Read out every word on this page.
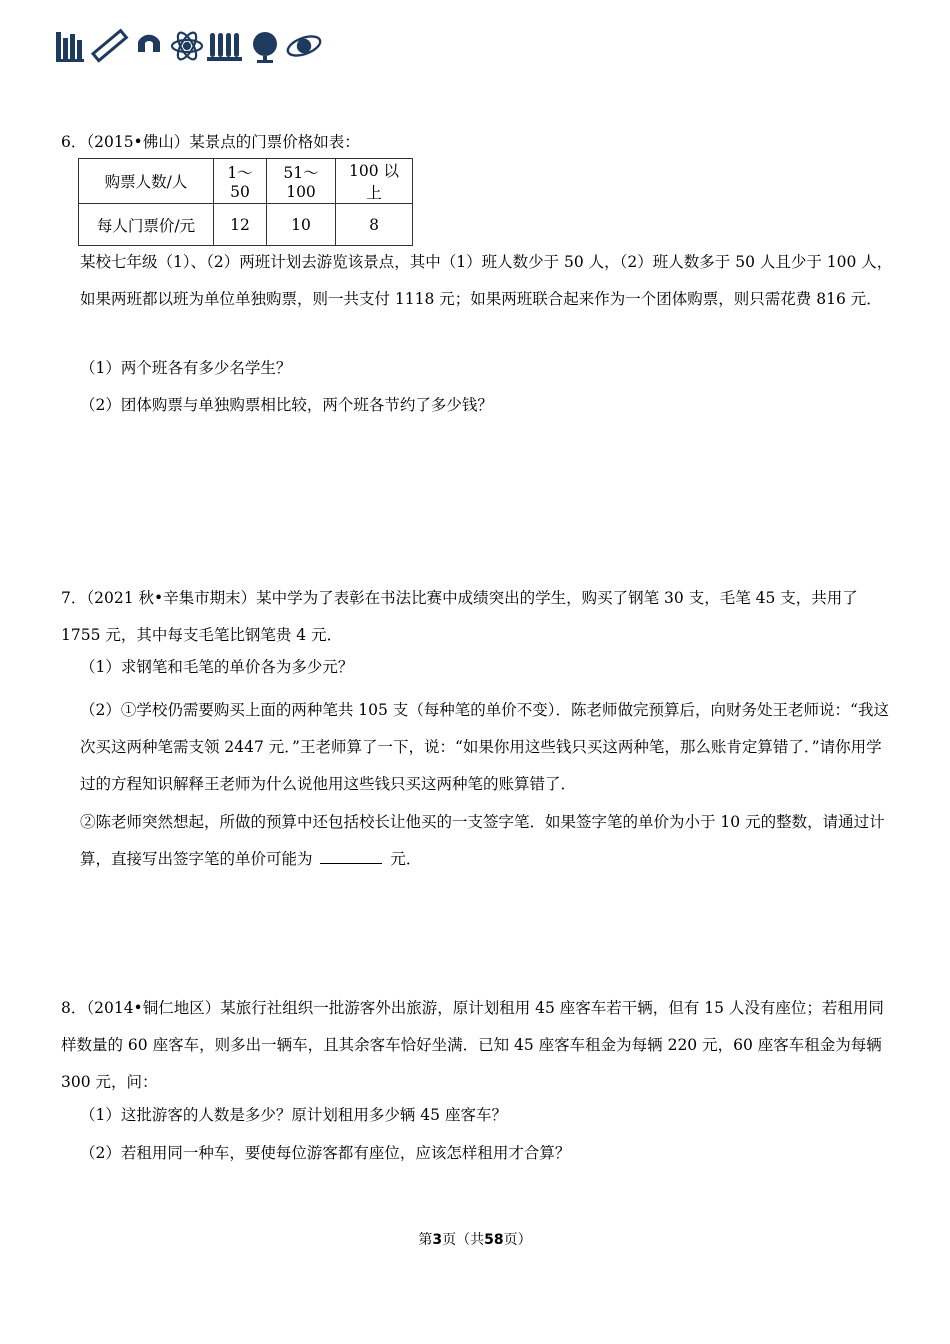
6．（2015•佛山）某景点的门票价格如表：
购票人数/人	1～50	51～100	100 以上
每人门票价/元	12	10	8
某校七年级（1）、（2）两班计划去游览该景点，其中（1）班人数少于 50 人，（2）班人数多于 50 人且少于 100 人，如果两班都以班为单位单独购票，则一共支付 1118 元；如果两班联合起来作为一个团体购票，则只需花费 816 元．
（1）两个班各有多少名学生？
（2）团体购票与单独购票相比较，两个班各节约了多少钱？
7．（2021 秋•辛集市期末）某中学为了表彰在书法比赛中成绩突出的学生，购买了钢笔 30 支，毛笔 45 支，共用了 1755 元，其中每支毛笔比钢笔贵 4 元．
（1）求钢笔和毛笔的单价各为多少元？
（2）①学校仍需要购买上面的两种笔共 105 支（每种笔的单价不变）．陈老师做完预算后，向财务处王老师说：“我这次买这两种笔需支领 2447 元．”王老师算了一下，说：“如果你用这些钱只买这两种笔，那么账肯定算错了．”请你用学过的方程知识解释王老师为什么说他用这些钱只买这两种笔的账算错了．
②陈老师突然想起，所做的预算中还包括校长让他买的一支签字笔．如果签字笔的单价为小于 10 元的整数，请通过计算，直接写出签字笔的单价可能为	元．
8．（2014•铜仁地区）某旅行社组织一批游客外出旅游，原计划租用 45 座客车若干辆，但有 15 人没有座位；若租用同样数量的 60 座客车，则多出一辆车，且其余客车恰好坐满．已知 45 座客车租金为每辆 220 元，60 座客车租金为每辆 300 元，问：
（1）这批游客的人数是多少？原计划租用多少辆 45 座客车？
（2）若租用同一种车，要使每位游客都有座位，应该怎样租用才合算？
第3页（共58页）
